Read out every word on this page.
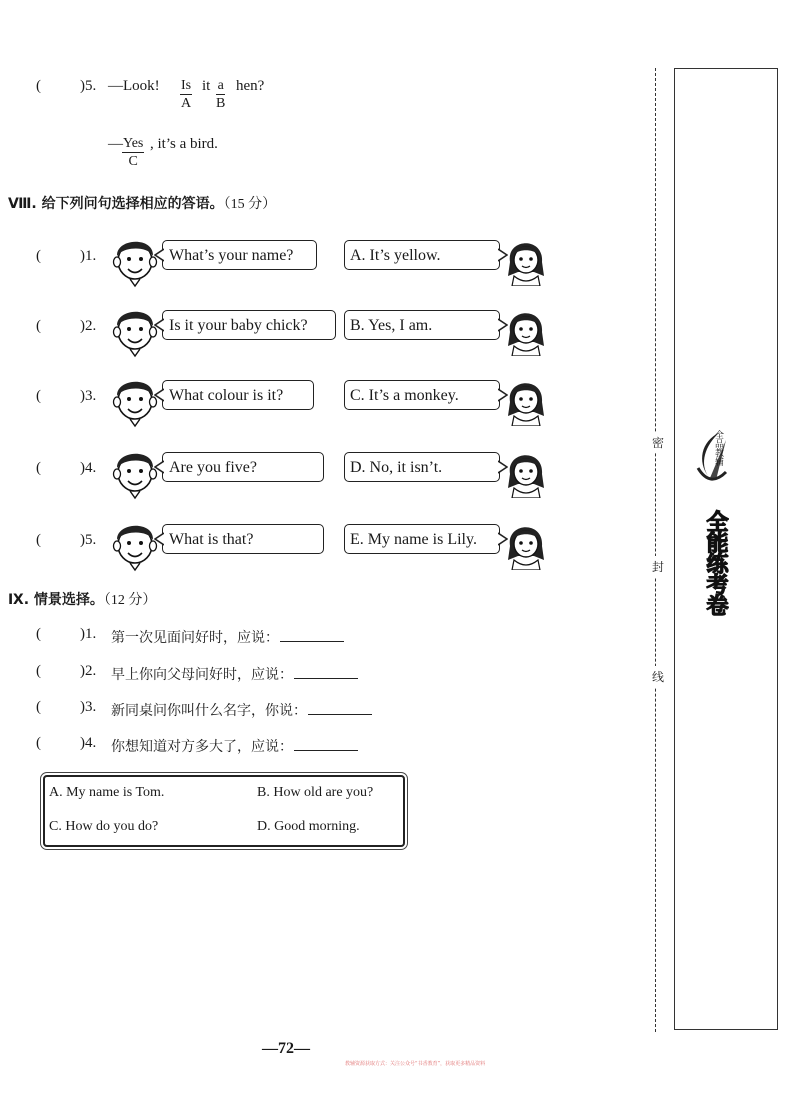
(	)5. —Look! Is
A
it a
B
hen?
— Yes
C
, it’s a bird.
Ⅷ. 给下列问句选择相应的答语。（15 分）
(	)1.	What’s your name?	A. It’s yellow.
(	)2.	Is it your baby chick?	B. Yes, I am.
(	)3.	What colour is it?	C. It’s a monkey.
(	)4.	Are you five?	D. No, it isn’t.
(	)5.	What is that?	E. My name is Lily.
Ⅸ. 情景选择。（12 分）
(	)1. 第一次见面问好时，应说：
(	)2. 早上你向父母问好时，应说：
(	)3. 新同桌问你叫什么名字，你说：
(	)4. 你想知道对方多大了，应说：
A. My name is Tom.	B. How old are you?
C. How do you do?	D. Good morning.
密
封
线
全品教辅
全能练考卷
—72—
教辅资源获取方式：关注公众号“书香教育”，获取更多精品资料
